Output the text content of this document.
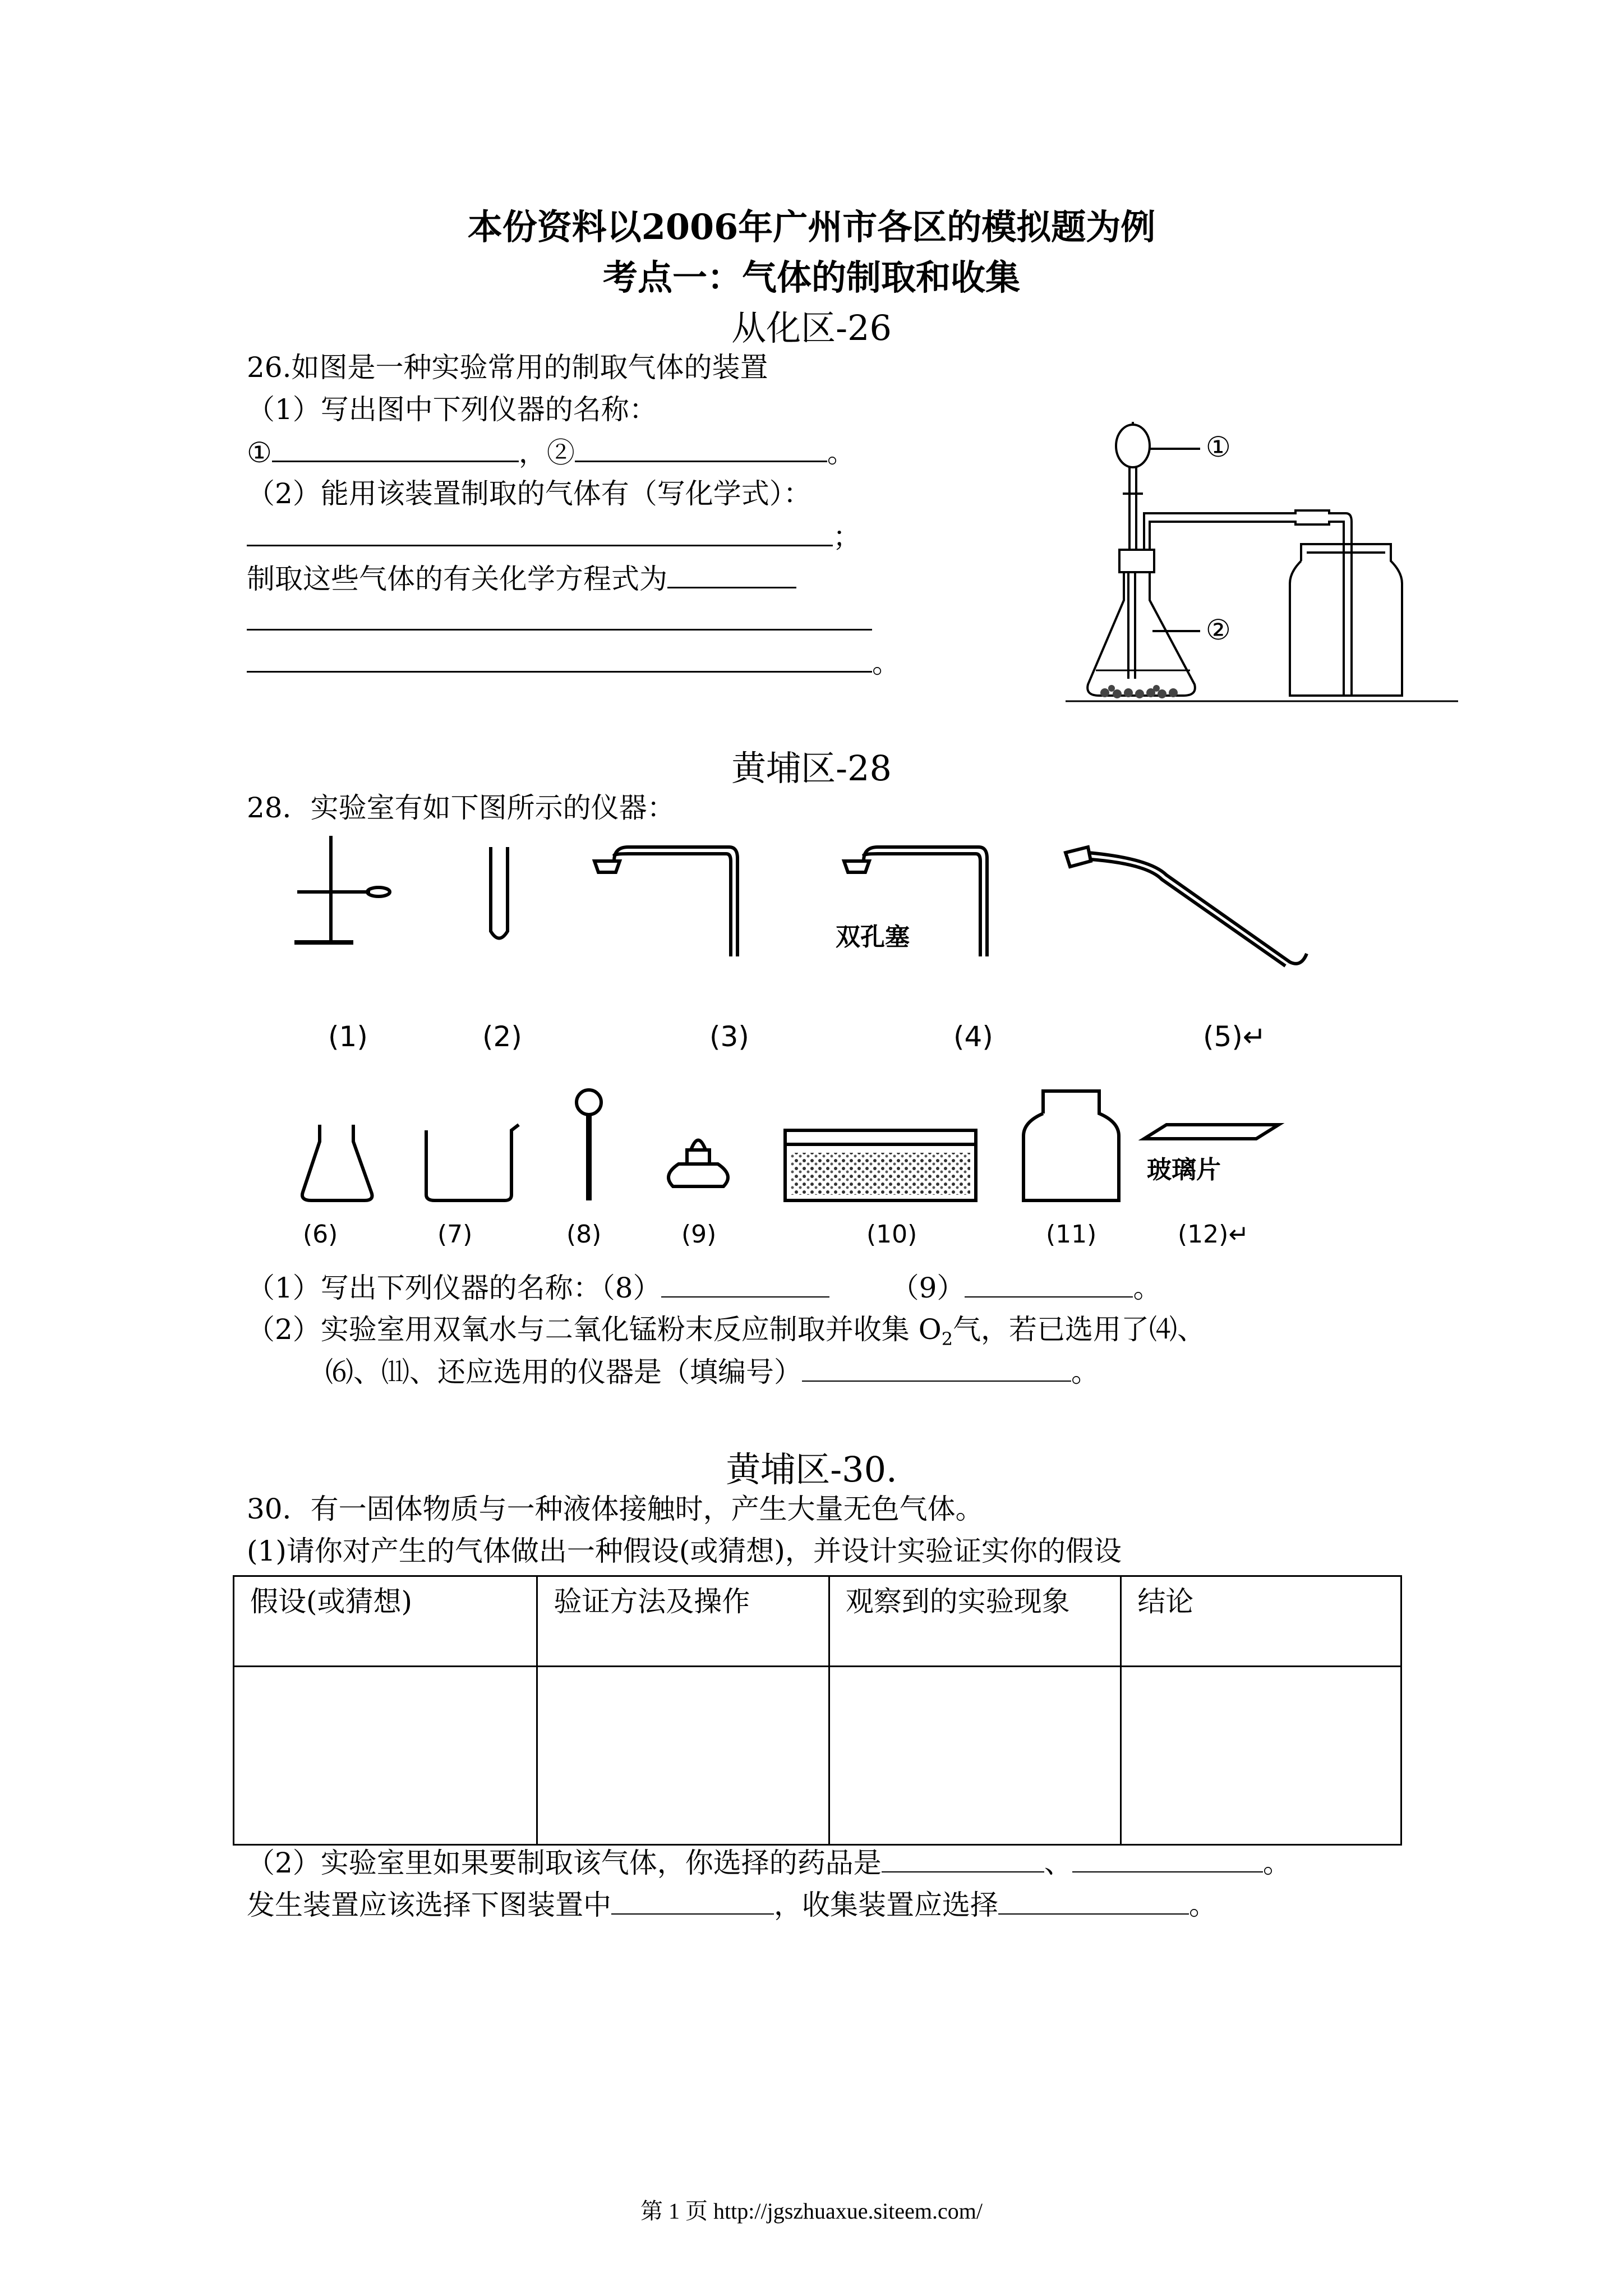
本份资料以2006年广州市各区的模拟题为例
考点一：气体的制取和收集
从化区-26
26.如图是一种实验常用的制取气体的装置
（1）写出图中下列仪器的名称：
①	，②	。
（2）能用该装置制取的气体有（写化学式）：
；
制取这些气体的有关化学方程式为
。
①
②
黄埔区-28
28．实验室有如下图所示的仪器：
双孔塞
(1)	(2)	(3)	(4)	(5)↵
玻璃片
(6)	(7)	(8)	(9)	(10)	(11)	(12)↵
（1）写出下列仪器的名称：（8）	（9）	。
（2）实验室用双氧水与二氧化锰粉末反应制取并收集 $O_2$气，若已选用了⑷、
⑹、⑾、还应选用的仪器是（填编号）	。
黄埔区-30.
30．有一固体物质与一种液体接触时，产生大量无色气体。
(1)请你对产生的气体做出一种假设(或猜想)，并设计实验证实你的假设
假设(或猜想)	验证方法及操作	观察到的实验现象	结论

（2）实验室里如果要制取该气体，你选择的药品是	、	。
发生装置应该选择下图装置中	，收集装置应选择	。
第 1 页 http://jgszhuaxue.siteem.com/
